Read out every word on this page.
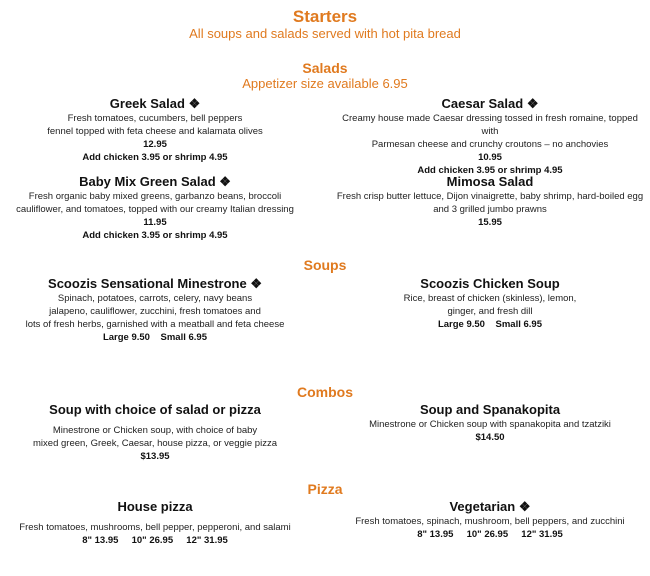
Starters
All soups and salads served with hot pita bread
Salads
Appetizer size available 6.95
Greek Salad ❖
Fresh tomatoes, cucumbers, bell peppers
fennel topped with feta cheese and kalamata olives
12.95
Add chicken 3.95 or shrimp 4.95
Caesar Salad ❖
Creamy house made Caesar dressing tossed in fresh romaine, topped with
Parmesan cheese and crunchy croutons – no anchovies
10.95
Add chicken 3.95 or shrimp 4.95
Baby Mix Green Salad ❖
Fresh organic baby mixed greens, garbanzo beans, broccoli
cauliflower, and tomatoes, topped with our creamy Italian dressing
11.95
Add chicken 3.95 or shrimp 4.95
Mimosa Salad
Fresh crisp butter lettuce, Dijon vinaigrette, baby shrimp, hard-boiled egg
and 3 grilled jumbo prawns
15.95
Soups
Scoozis Sensational Minestrone ❖
Spinach, potatoes, carrots, celery, navy beans
jalapeno, cauliflower, zucchini, fresh tomatoes and
lots of fresh herbs, garnished with a meatball and feta cheese
Large 9.50    Small 6.95
Scoozis Chicken Soup
Rice, breast of chicken (skinless), lemon,
ginger, and fresh dill
Large 9.50    Small 6.95
Combos
Soup with choice of salad or pizza
Minestrone or Chicken soup, with choice of baby
mixed green, Greek, Caesar, house pizza, or veggie pizza
$13.95
Soup and Spanakopita
Minestrone or Chicken soup with spanakopita and tzatziki
$14.50
Pizza
House pizza
Fresh tomatoes, mushrooms, bell pepper, pepperoni, and salami
8" 13.95     10" 26.95     12" 31.95
Vegetarian ❖
Fresh tomatoes, spinach, mushroom, bell peppers, and zucchini
8" 13.95     10" 26.95     12" 31.95
